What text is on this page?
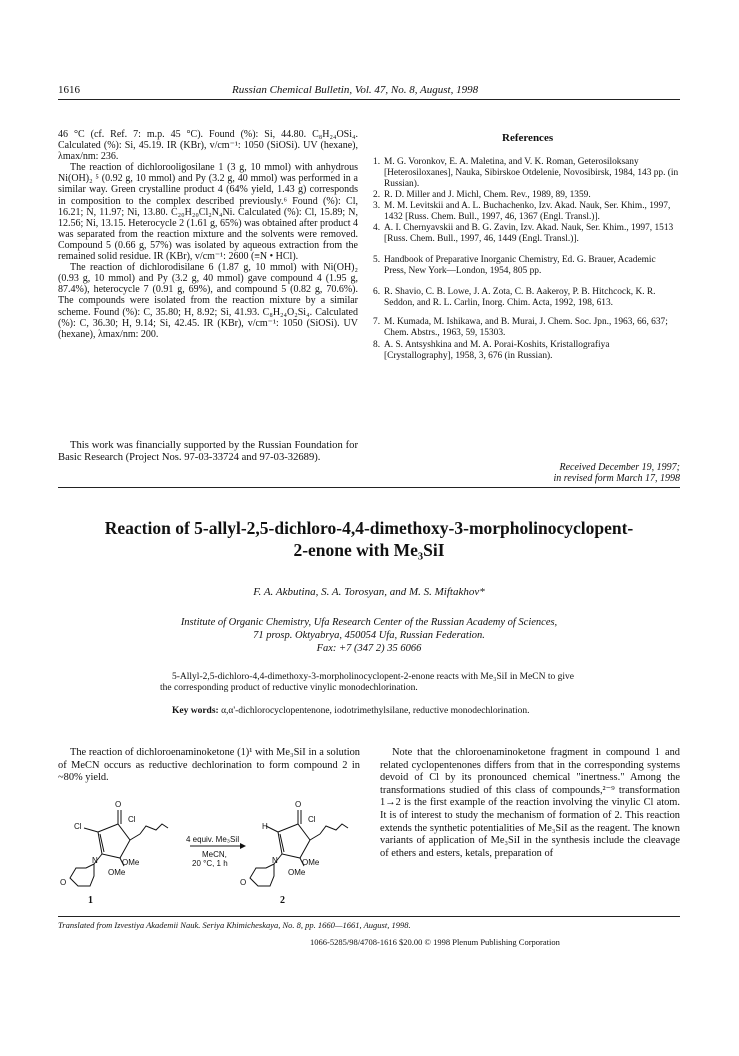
1616	Russian Chemical Bulletin, Vol. 47, No. 8, August, 1998

46 °C (cf. Ref. 7: m.p. 45 °C). Found (%): Si, 44.80. C₈H₂₄OSi₄. Calculated (%): Si, 45.19. IR (KBr), v/cm⁻¹: 1050 (SiOSi). UV (hexane), λmax/nm: 236.

The reaction of dichlorooligosilane 1 (3 g, 10 mmol) with anhydrous Ni(OH)₂ ⁵ (0.92 g, 10 mmol) and Py (3.2 g, 40 mmol) was performed in a similar way. Green crystalline product 4 (64% yield, 1.43 g) corresponds in composition to the complex described previously.⁶ Found (%): Cl, 16.21; N, 11.97; Ni, 13.80. C₂₀H₂₀Cl₂N₄Ni. Calculated (%): Cl, 15.89; N, 12.56; Ni, 13.15. Heterocycle 2 (1.61 g, 65%) was obtained after product 4 was separated from the reaction mixture and the solvents were removed. Compound 5 (0.66 g, 57%) was isolated by aqueous extraction from the remained solid residue. IR (KBr), v/cm⁻¹: 2600 (≡N • HCl).

The reaction of dichlorodisilane 6 (1.87 g, 10 mmol) with Ni(OH)₂ (0.93 g, 10 mmol) and Py (3.2 g, 40 mmol) gave compound 4 (1.95 g, 87.4%), heterocycle 7 (0.91 g, 69%), and compound 5 (0.82 g, 70.6%). The compounds were isolated from the reaction mixture by a similar scheme. Found (%): C, 35.80; H, 8.92; Si, 41.93. C₈H₂₄O₂Si₄. Calculated (%): C, 36.30; H, 9.14; Si, 42.45. IR (KBr), v/cm⁻¹: 1050 (SiOSi). UV (hexane), λmax/nm: 200.

This work was financially supported by the Russian Foundation for Basic Research (Project Nos. 97-03-33724 and 97-03-32689).

References
1. M. G. Voronkov, E. A. Maletina, and V. K. Roman, Geterosiloksany [Heterosiloxanes], Nauka, Sibirskoe Otdelenie, Novosibirsk, 1984, 143 pp. (in Russian).
2. R. D. Miller and J. Michl, Chem. Rev., 1989, 89, 1359.
3. M. M. Levitskii and A. L. Buchachenko, Izv. Akad. Nauk, Ser. Khim., 1997, 1432 [Russ. Chem. Bull., 1997, 46, 1367 (Engl. Transl.)].
4. A. I. Chernyavskii and B. G. Zavin, Izv. Akad. Nauk, Ser. Khim., 1997, 1513 [Russ. Chem. Bull., 1997, 46, 1449 (Engl. Transl.)].
5. Handbook of Preparative Inorganic Chemistry, Ed. G. Brauer, Academic Press, New York—London, 1954, 805 pp.
6. R. Shavio, C. B. Lowe, J. A. Zota, C. B. Aakeroy, P. B. Hitchcock, K. R. Seddon, and R. L. Carlin, Inorg. Chim. Acta, 1992, 198, 613.
7. M. Kumada, M. Ishikawa, and B. Murai, J. Chem. Soc. Jpn., 1963, 66, 637; Chem. Abstrs., 1963, 59, 15303.
8. A. S. Antsyshkina and M. A. Porai-Koshits, Kristallografiya [Crystallography], 1958, 3, 676 (in Russian).
Received December 19, 1997;
in revised form March 17, 1998
Reaction of 5-allyl-2,5-dichloro-4,4-dimethoxy-3-morpholinocyclopent-
2-enone with Me₃SiI
F. A. Akbutina, S. A. Torosyan, and M. S. Miftakhov*
Institute of Organic Chemistry, Ufa Research Center of the Russian Academy of Sciences,
71 prosp. Oktyabrya, 450054 Ufa, Russian Federation.
Fax: +7 (347 2) 35 6066
5-Allyl-2,5-dichloro-4,4-dimethoxy-3-morpholinocyclopent-2-enone reacts with Me₃SiI in MeCN to give the corresponding product of reductive vinylic monodechlorination.
Key words: α,α'-dichlorocyclopentenone, iodotrimethylsilane, reductive monodechlorination.
The reaction of dichloroenaminoketone (1)¹ with Me₃SiI in a solution of MeCN occurs as reductive dechlorination to form compound 2 in ~80% yield.
Note that the chloroenaminoketone fragment in compound 1 and related cyclopentenones differs from that in the corresponding systems devoid of Cl by its pronounced chemical "inertness." Among the transformations studied of this class of compounds,²⁻⁹ transformation 1→2 is the first example of the reaction involving the vinylic Cl atom. It is of interest to study the mechanism of formation of 2. This reaction extends the synthetic potentialities of Me₃SiI as the reagent. The known variants of application of Me₃SiI in the synthesis include the cleavage of ethers and esters, ketals, preparation of
O
Cl
Cl
N	OMe
OMe
O
4 equiv. Me₃SiI
MeCN,
20 °C, 1 h
O
Cl
H
N	OMe
OMe
O
1	2
Translated from Izvestiya Akademii Nauk. Seriya Khimicheskaya, No. 8, pp. 1660—1661, August, 1998.
1066-5285/98/4708-1616 $20.00 © 1998 Plenum Publishing Corporation
